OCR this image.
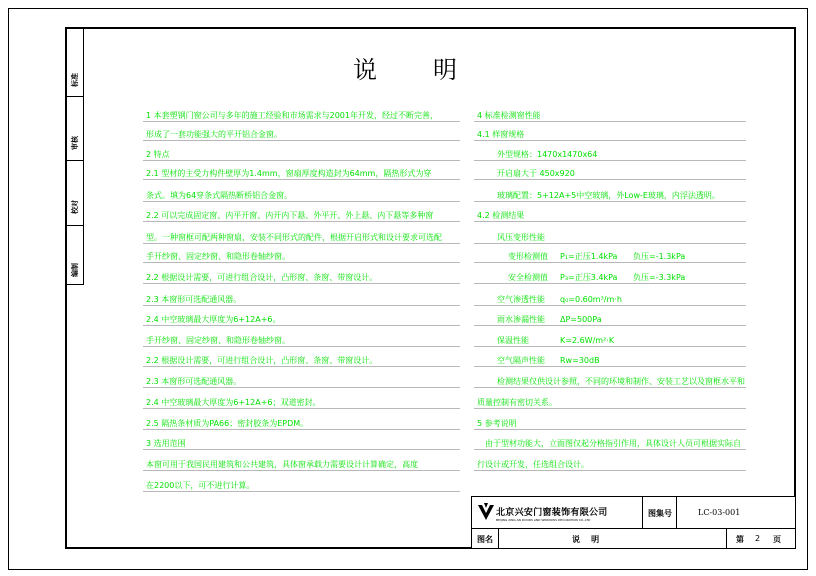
标准
审核
校对
编制
说 明
1 本套塑钢门窗公司与多年的施工经验和市场需求与2001年开发，经过不断完善，
形成了一套功能强大的平开铝合金窗。
2 特点
2.1 型材的主受力构件壁厚为1.4mm，窗扇厚度构造封为64mm，隔热形式为穿
条式。填为64穿条式隔热断桥铝合金窗。
2.2 可以完成固定窗、内平开窗、内开内下悬、外平开、外上悬、内下悬等多种窗
型。一种窗框可配两种窗扇，安装不同形式的配件，根据开启形式和设计要求可选配
手开纱窗、固定纱窗、和隐形卷轴纱窗。
2.2 根据设计需要，可进行组合设计，凸形窗、条窗、带窗设计。
2.3 本窗形可选配通风器。
2.4 中空玻璃最大厚度为6+12A+6。
手开纱窗、固定纱窗、和隐形卷轴纱窗。
2.2 根据设计需要，可进行组合设计，凸形窗、条窗、带窗设计。
2.3 本窗形可选配通风器。
2.4 中空玻璃最大厚度为6+12A+6；双道密封。
2.5 隔热条材质为PA66；密封胶条为EPDM。
3 选用范围
本窗可用于我国民用建筑和公共建筑，具体窗承载力需要设计计算确定，高度
在2200以下，可不进行计算。
4 标准检测窗性能
4.1 样窗规格
外型规格：1470x1470x64
开启扇大于 450x920
玻璃配置：5+12A+5中空玻璃，外Low-E玻璃，内浮法透明。
4.2 检测结果
风压变形性能
变形检测值 P₁=正压1.4kPa 负压=-1.3kPa
安全检测值 P₃=正压3.4kPa 负压=-3.3kPa
空气渗透性能 q₀=0.60m³/m·h
雨水渗漏性能 ΔP=500Pa
保温性能	K=2.6W/m²·K
空气隔声性能 Rw=30dB
检测结果仅供设计参照，不同的环境和制作、安装工艺以及窗框水平和
质量控制有密切关系。
5 参考说明
由于型材功能大，立面图仅起分格指引作用，具体设计人员可根据实际自
行设计或开发，任选组合设计。
北京兴安门窗装饰有限公司
BEIJING XING AN DOORS AND WINDOWS DECORATION CO.,LTD
图集号	LC-03-001
图名	说    明	第 2 页
